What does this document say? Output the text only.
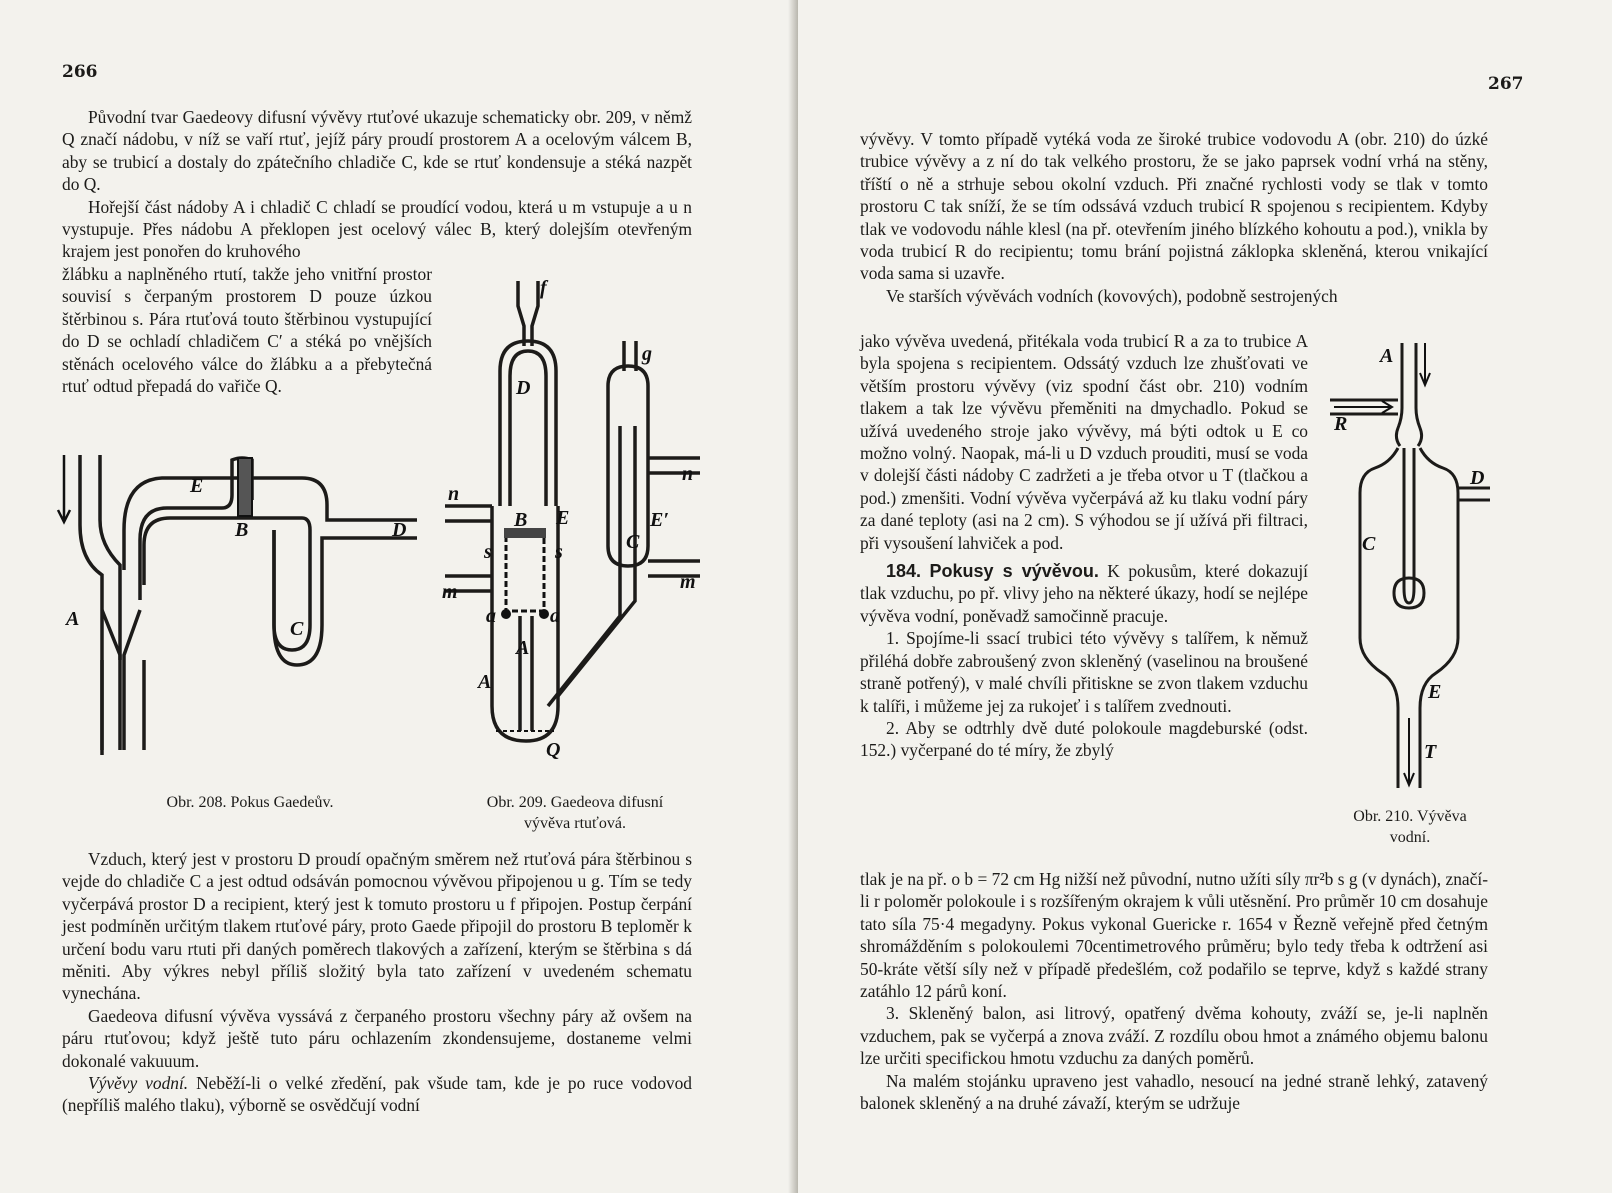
266

Původní tvar Gaedeovy difusní vývěvy rtuťové ukazuje schematicky obr. 209, v němž Q značí nádobu, v níž se vaří rtuť, jejíž páry proudí prostorem A a ocelovým válcem B, aby se trubicí a dostaly do zpátečního chladiče C, kde se rtuť kondensuje a stéká nazpět do Q.

Hořejší část nádoby A i chladič C chladí se proudící vodou, která u m vstupuje a u n vystupuje. Přes nádobu A překlopen jest ocelový válec B, který dolejším otevřeným krajem jest ponořen do kruhového

žlábku a naplněného rtutí, takže jeho vnitřní prostor souvisí s čerpaným prostorem D pouze úzkou štěrbinou s. Pára rtuťová touto štěrbinou vystupující do D se ochladí chladičem C′ a stéká po vnějších stěnách ocelového válce do žlábku a a přebytečná rtuť odtud přepadá do vařiče Q.

E
B	D
C
A
f
g
D
n
n
B E	E′
s	s	C
m	m
a	a
A
A
Q
Obr. 208. Pokus Gaedeův.	Obr. 209. Gaedeova difusní
vývěva rtuťová.

Vzduch, který jest v prostoru D proudí opačným směrem než rtuťová pára štěrbinou s vejde do chladiče C a jest odtud odsáván pomocnou vývěvou připojenou u g. Tím se tedy vyčerpává prostor D a recipient, který jest k tomuto prostoru u f připojen. Postup čerpání jest podmíněn určitým tlakem rtuťové páry, proto Gaede připojil do prostoru B teploměr k určení bodu varu rtuti při daných poměrech tlakových a zařízení, kterým se štěrbina s dá měniti. Aby výkres nebyl příliš složitý byla tato zařízení v uvedeném schematu vynechána.

Gaedeova difusní vývěva vyssává z čerpaného prostoru všechny páry až ovšem na páru rtuťovou; když ještě tuto páru ochlazením zkondensujeme, dostaneme velmi dokonalé vakuuum.

Vývěvy vodní. Neběží-li o velké zředění, pak všude tam, kde je po ruce vodovod (nepříliš malého tlaku), výborně se osvědčují vodní

267

vývěvy. V tomto případě vytéká voda ze široké trubice vodovodu A (obr. 210) do úzké trubice vývěvy a z ní do tak velkého prostoru, že se jako paprsek vodní vrhá na stěny, tříští o ně a strhuje sebou okolní vzduch. Při značné rychlosti vody se tlak v tomto prostoru C tak sníží, že se tím odssává vzduch trubicí R spojenou s recipientem. Kdyby tlak ve vodovodu náhle klesl (na př. otevřením jiného blízkého kohoutu a pod.), vnikla by voda trubicí R do recipientu; tomu brání pojistná záklopka skleněná, kterou vnikající voda sama si uzavře.

Ve starších vývěvách vodních (kovových), podobně sestrojených

jako vývěva uvedená, přitékala voda trubicí R a za to trubice A byla spojena s recipientem. Odssátý vzduch lze zhušťovati ve větším prostoru vývěvy (viz spodní část obr. 210) vodním tlakem a tak lze vývěvu přeměniti na dmychadlo. Pokud se užívá uvedeného stroje jako vývěvy, má býti odtok u E co možno volný. Naopak, má-li u D vzduch prouditi, musí se voda v dolejší části nádoby C zadržeti a je třeba otvor u T (tlačkou a pod.) zmenšiti. Vodní vývěva vyčerpává až ku tlaku vodní páry za dané teploty (asi na 2 cm). S výhodou se jí užívá při filtraci, při vysoušení lahviček a pod.

184. Pokusy s vývěvou. K pokusům, které dokazují tlak vzduchu, po př. vlivy jeho na některé úkazy, hodí se nejlépe vývěva vodní, poněvadž samočinně pracuje.

1. Spojíme-li ssací trubici této vývěvy s talířem, k němuž přiléhá dobře zabroušený zvon skleněný (vaselinou na broušené straně potřený), v malé chvíli přitiskne se zvon tlakem vzduchu k talíři, i můžeme jej za rukojeť i s talířem zvednouti.

2. Aby se odtrhly dvě duté polokoule magdeburské (odst. 152.) vyčerpané do té míry, že zbylý

tlak je na př. o b = 72 cm Hg nižší než původní, nutno užíti síly πr²b s g (v dynách), značí-li r poloměr polokoule i s rozšířeným okrajem k vůli utěsnění. Pro průměr 10 cm dosahuje tato síla 75·4 megadyny. Pokus vykonal Guericke r. 1654 v Řezně veřejně před četným shromážděním s polokoulemi 70centimetrového průměru; bylo tedy třeba k odtržení asi 50-kráte větší síly než v případě předešlém, což podařilo se teprve, když s každé strany zatáhlo 12 párů koní.

3. Skleněný balon, asi litrový, opatřený dvěma kohouty, zváží se, je-li naplněn vzduchem, pak se vyčerpá a znova zváží. Z rozdílu obou hmot a známého objemu balonu lze určiti specifickou hmotu vzduchu za daných poměrů.

Na malém stojánku upraveno jest vahadlo, nesoucí na jedné straně lehký, zatavený balonek skleněný a na druhé závaží, kterým se udržuje

A
R
D
C
E
T
Obr. 210. Vývěva
vodní.
